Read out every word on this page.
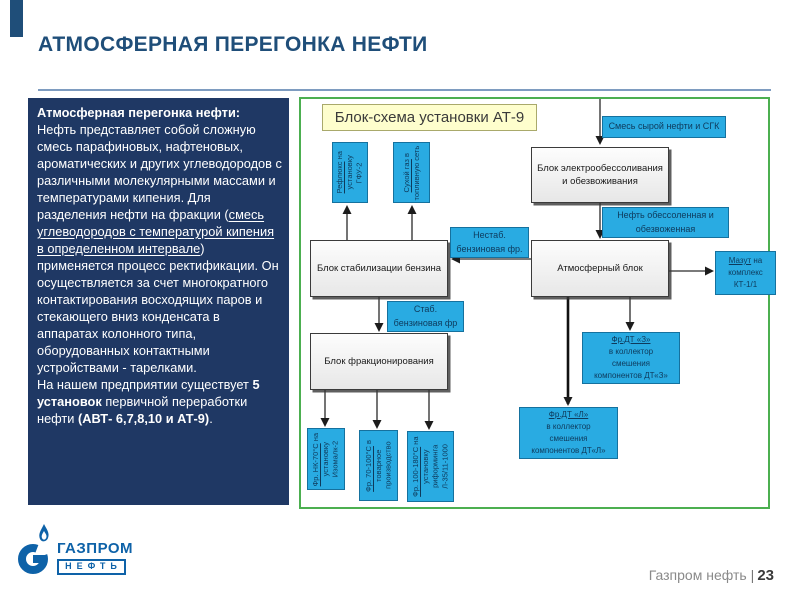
АТМОСФЕРНАЯ ПЕРЕГОНКА НЕФТИ
Атмосферная перегонка нефти:
Нефть представляет собой сложную смесь парафиновых, нафтеновых, ароматических и других углеводородов с различными молекулярными массами и температурами кипения. Для разделения нефти на фракции (смесь углеводородов с температурой кипения в определенном интервале) применяется процесс ректификации. Он осуществляется за счет многократного контактирования восходящих паров и стекающего вниз конденсата в аппаратах колонного типа, оборудованных контактными устройствами - тарелками.
На нашем предприятии существует 5 установок первичной переработки нефти (АВТ- 6,7,8,10 и АТ-9).
Блок-схема установки АТ-9
Блок электрообессоливания
и обезвоживания
Атмосферный блок
Блок стабилизации бензина
Блок фракционирования
Смесь сырой нефти и СГК
Нефть обессоленная и
обезвоженная
Нестаб.
бензиновая фр.
Стаб.
бензиновая фр
Мазут на
комплекс
КТ-1/1
Фр.ДТ «З»
в коллектор
смешения
компонентов ДТ«З»
Фр.ДТ «Л»
в коллектор
смешения
компонентов ДТ«Л»
Рефлюкс на установку ГФУ-2	Сухой газ в топливную сеть
Фр. НК-70°С на установку Изомалк-2	Фр. 70-100°С в товарное производство Фр. 100-180°С на установку риформинга Л-35/11-1000
ГАЗПРОМ
НЕФТЬ
Газпром нефть | 23
